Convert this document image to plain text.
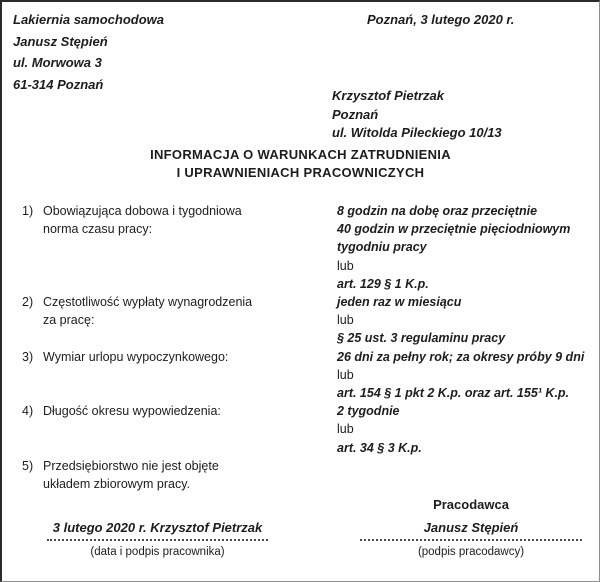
Lakiernia samochodowa
Janusz Stępień
ul. Morwowa 3
61-314 Poznań
Poznań, 3 lutego 2020 r.
Krzysztof Pietrzak
Poznań
ul. Witolda Pileckiego 10/13
INFORMACJA O WARUNKACH ZATRUDNIENIA
I UPRAWNIENIACH PRACOWNICZYCH
1) Obowiązująca dobowa i tygodniowa
norma czasu pracy:
8 godzin na dobę oraz przeciętnie
40 godzin w przeciętnie pięciodniowym
tygodniu pracy
lub
art. 129 § 1 K.p.
2) Częstotliwość wypłaty wynagrodzenia
za pracę:
jeden raz w miesiącu
lub
§ 25 ust. 3 regulaminu pracy
3) Wymiar urlopu wypoczynkowego:	26 dni za pełny rok; za okresy próby 9 dni
lub
art. 154 § 1 pkt 2 K.p. oraz art. 155¹ K.p.
4) Długość okresu wypowiedzenia:	2 tygodnie
lub
art. 34 § 3 K.p.
5) Przedsiębiorstwo nie jest objęte
układem zbiorowym pracy.
3 lutego 2020 r. Krzysztof Pietrzak
(data i podpis pracownika)
Pracodawca
Janusz Stępień
(podpis pracodawcy)
